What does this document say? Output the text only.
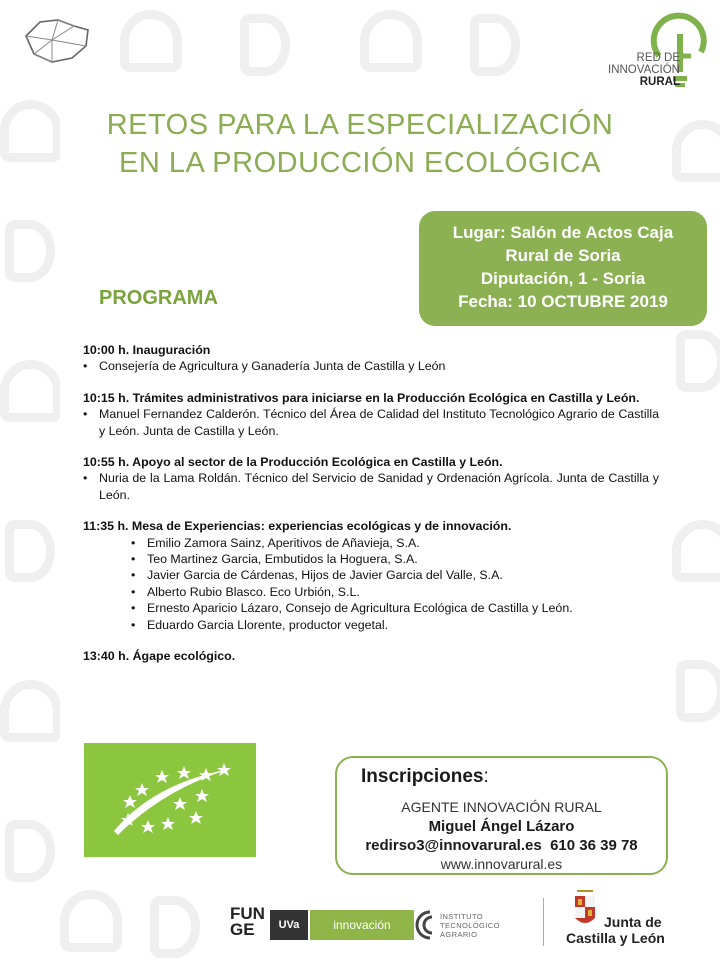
RED DE
INNOVACIÓN
RURAL
RETOS PARA LA ESPECIALIZACIÓN
EN LA PRODUCCIÓN ECOLÓGICA
Lugar: Salón de Actos Caja
Rural de Soria
Diputación, 1 - Soria
Fecha: 10 OCTUBRE 2019
PROGRAMA
10:00 h. Inauguración
• Consejería de Agricultura y Ganadería Junta de Castilla y León
10:15 h. Trámites administrativos para iniciarse en la Producción Ecológica en Castilla y León.
• Manuel Fernandez Calderón. Técnico del Área de Calidad del Instituto Tecnológico Agrario de Castilla y León. Junta de Castilla y León.
10:55 h. Apoyo al sector de la Producción Ecológica en Castilla y León.
• Nuria de la Lama Roldán. Técnico del Servicio de Sanidad y Ordenación Agrícola. Junta de Castilla y León.
11:35 h. Mesa de Experiencias: experiencias ecológicas y de innovación.
• Emilio Zamora Sainz, Aperitivos de Añavieja, S.A.
• Teo Martinez Garcia, Embutidos la Hoguera, S.A.
• Javier Garcia de Cárdenas, Hijos de Javier Garcia del Valle, S.A.
• Alberto Rubio Blasco. Eco Urbión, S.L.
• Ernesto Aparicio Lázaro, Consejo de Agricultura Ecológica de Castilla y León.
• Eduardo Garcia Llorente, productor vegetal.
13:40 h. Ágape ecológico.
Inscripciones:
AGENTE INNOVACIÓN RURAL
Miguel Ángel Lázaro
redirso3@innovarural.es 610 36 39 78
www.innovarural.es
FUN
GE	UVa	innovación
INSTITUTO
TECNOLÓGICO
AGRARIO
Junta de
Castilla y León
